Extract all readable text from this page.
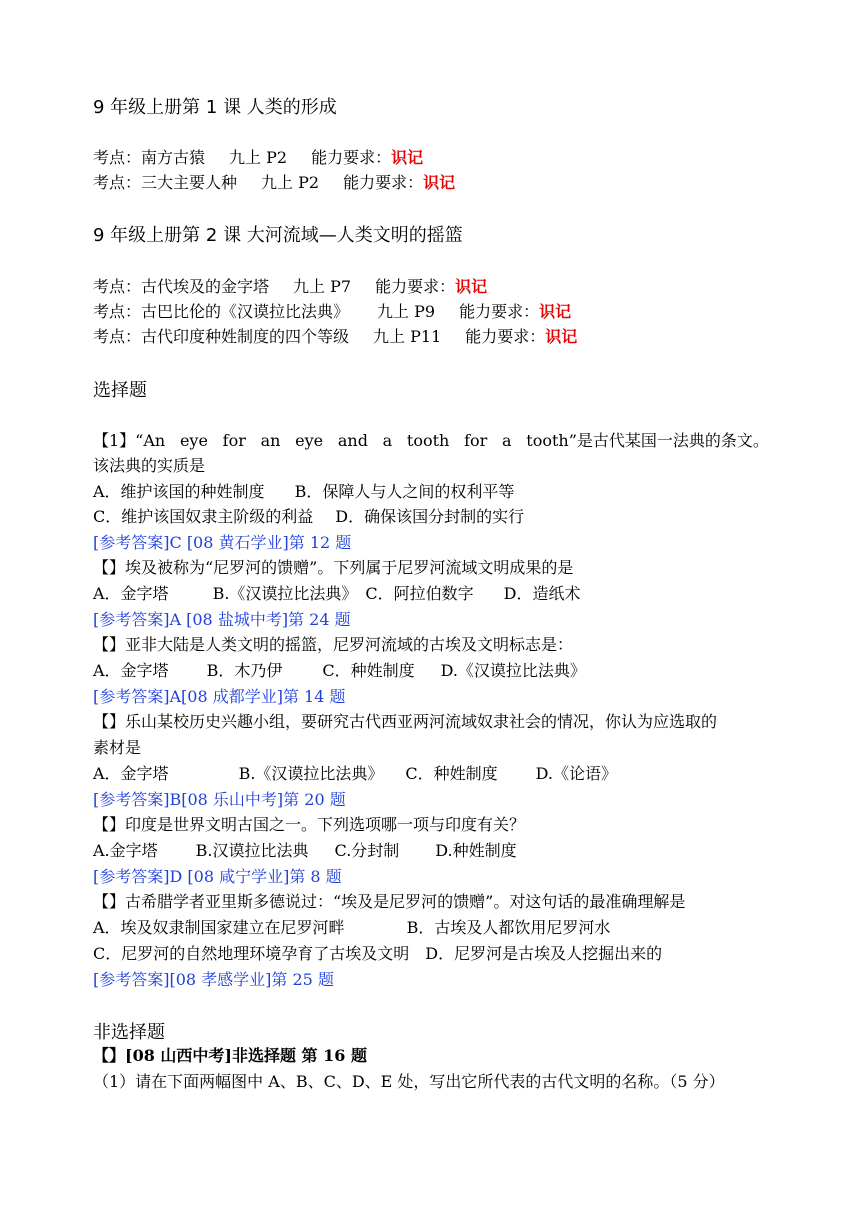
9 年级上册第 1 课 人类的形成
考点：南方古猿 九上 P2 能力要求：识记
考点：三大主要人种 九上 P2 能力要求：识记
9 年级上册第 2 课 大河流域—人类文明的摇篮
考点：古代埃及的金字塔 九上 P7 能力要求：识记
考点：古巴比伦的《汉谟拉比法典》 九上 P9 能力要求：识记
考点：古代印度种姓制度的四个等级 九上 P11 能力要求：识记
选择题
【1】“An eye for an eye and a tooth for a tooth”是古代某国一法典的条文。
该法典的实质是
A．维护该国的种姓制度 B．保障人与人之间的权利平等
C．维护该国奴隶主阶级的利益 D．确保该国分封制的实行
[参考答案]C [08 黄石学业]第 12 题
【】埃及被称为“尼罗河的馈赠”。下列属于尼罗河流域文明成果的是
A．金字塔	B.《汉谟拉比法典》 C．阿拉伯数字 D．造纸术
[参考答案]A [08 盐城中考]第 24 题
【】亚非大陆是人类文明的摇篮，尼罗河流域的古埃及文明标志是：
A．金字塔 B．木乃伊	C．种姓制度 D.《汉谟拉比法典》
[参考答案]A[08 成都学业]第 14 题
【】乐山某校历史兴趣小组，要研究古代西亚两河流域奴隶社会的情况，你认为应选取的
素材是
A．金字塔	B.《汉谟拉比法典》 C．种姓制度 D.《论语》
[参考答案]B[08 乐山中考]第 20 题
【】印度是世界文明古国之一。下列选项哪一项与印度有关？
A.金字塔 B.汉谟拉比法典 C.分封制 D.种姓制度
[参考答案]D [08 咸宁学业]第 8 题
【】古希腊学者亚里斯多德说过：“埃及是尼罗河的馈赠”。对这句话的最准确理解是
A．埃及奴隶制国家建立在尼罗河畔	B．古埃及人都饮用尼罗河水
C．尼罗河的自然地理环境孕育了古埃及文明 D．尼罗河是古埃及人挖掘出来的
[参考答案][08 孝感学业]第 25 题
非选择题
【】[08 山西中考]非选择题 第 16 题
（1）请在下面两幅图中 A、B、C、D、E 处，写出它所代表的古代文明的名称。（5 分）
